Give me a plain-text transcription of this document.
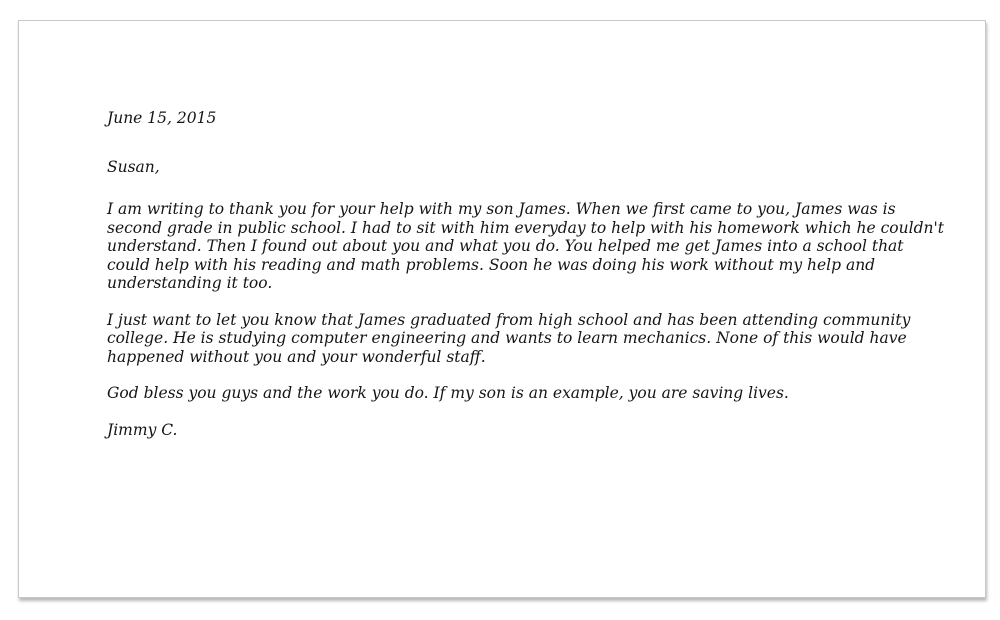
June 15, 2015

Susan,

I am writing to thank you for your help with my son James. When we first came to you, James was is
second grade in public school. I had to sit with him everyday to help with his homework which he couldn't
understand. Then I found out about you and what you do. You helped me get James into a school that
could help with his reading and math problems. Soon he was doing his work without my help and
understanding it too.

I just want to let you know that James graduated from high school and has been attending community
college. He is studying computer engineering and wants to learn mechanics. None of this would have
happened without you and your wonderful staff.

God bless you guys and the work you do. If my son is an example, you are saving lives.

Jimmy C.
